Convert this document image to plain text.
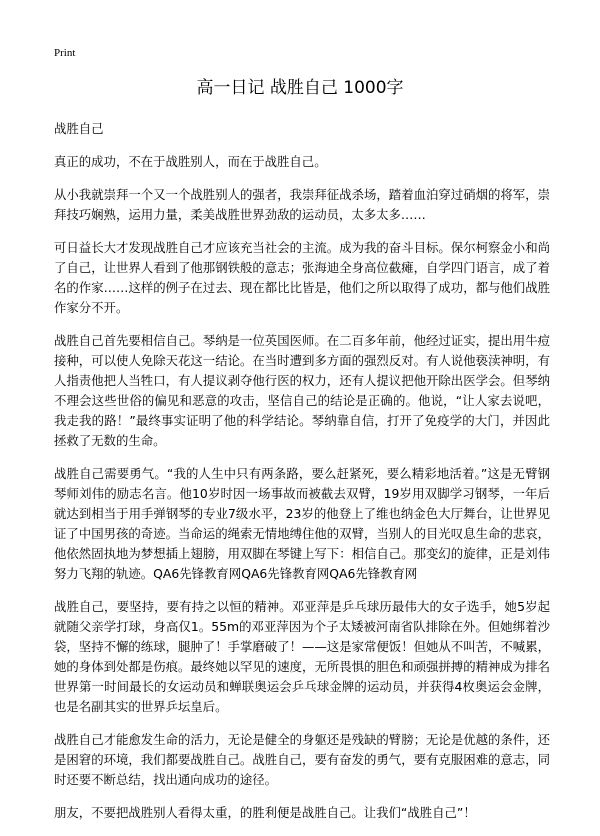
Print
高一日记 战胜自己 1000字

战胜自己

真正的成功，不在于战胜别人，而在于战胜自己。

从小我就崇拜一个又一个战胜别人的强者，我崇拜征战杀场，踏着血泊穿过硝烟的将军，崇拜技巧娴熟，运用力量，柔美战胜世界劲敌的运动员，太多太多……

可日益长大才发现战胜自己才应该充当社会的主流。成为我的奋斗目标。保尔柯察金小和尚了自己，让世界人看到了他那钢铁般的意志；张海迪全身高位截瘫，自学四门语言，成了着名的作家……这样的例子在过去、现在都比比皆是，他们之所以取得了成功，都与他们战胜作家分不开。

战胜自己首先要相信自己。琴纳是一位英国医师。在二百多年前，他经过证实，提出用牛痘接种，可以使人免除天花这一结论。在当时遭到多方面的强烈反对。有人说他亵渎神明，有人指责他把人当牲口，有人提议剥夺他行医的权力，还有人提议把他开除出医学会。但琴纳不理会这些世俗的偏见和恶意的攻击，坚信自己的结论是正确的。他说，“让人家去说吧，我走我的路！”最终事实证明了他的科学结论。琴纳靠自信，打开了免疫学的大门，并因此拯救了无数的生命。

战胜自己需要勇气。“我的人生中只有两条路，要么赶紧死，要么精彩地活着。”这是无臂钢琴师刘伟的励志名言。他10岁时因一场事故而被截去双臂，19岁用双脚学习钢琴，一年后就达到相当于用手弹钢琴的专业7级水平，23岁的他登上了维也纳金色大厅舞台，让世界见证了中国男孩的奇迹。当命运的绳索无情地缚住他的双臂，当别人的目光叹息生命的悲哀，他依然固执地为梦想插上翅膀，用双脚在琴键上写下：相信自己。那变幻的旋律，正是刘伟努力飞翔的轨迹。QA6先锋教育网QA6先锋教育网QA6先锋教育网

战胜自己，要坚持，要有持之以恒的精神。邓亚萍是乒乓球历最伟大的女子选手，她5岁起就随父亲学打球，身高仅1。55m的邓亚萍因为个子太矮被河南省队排除在外。但她绑着沙袋，坚持不懈的练球，腿肿了！手掌磨破了！——这是家常便饭！但她从不叫苦，不喊累，她的身体到处都是伤痕。最终她以罕见的速度，无所畏惧的胆色和顽强拼搏的精神成为排名世界第一时间最长的女运动员和蝉联奥运会乒乓球金牌的运动员，并获得4枚奥运会金牌，也是名副其实的世界乒坛皇后。

战胜自己才能愈发生命的活力，无论是健全的身躯还是残缺的臂膀；无论是优越的条件，还是困窘的环境，我们都要战胜自己。战胜自己，要有奋发的勇气，要有克服困难的意志，同时还要不断总结，找出通向成功的途径。

朋友，不要把战胜别人看得太重，的胜利便是战胜自己。让我们“战胜自己”！
